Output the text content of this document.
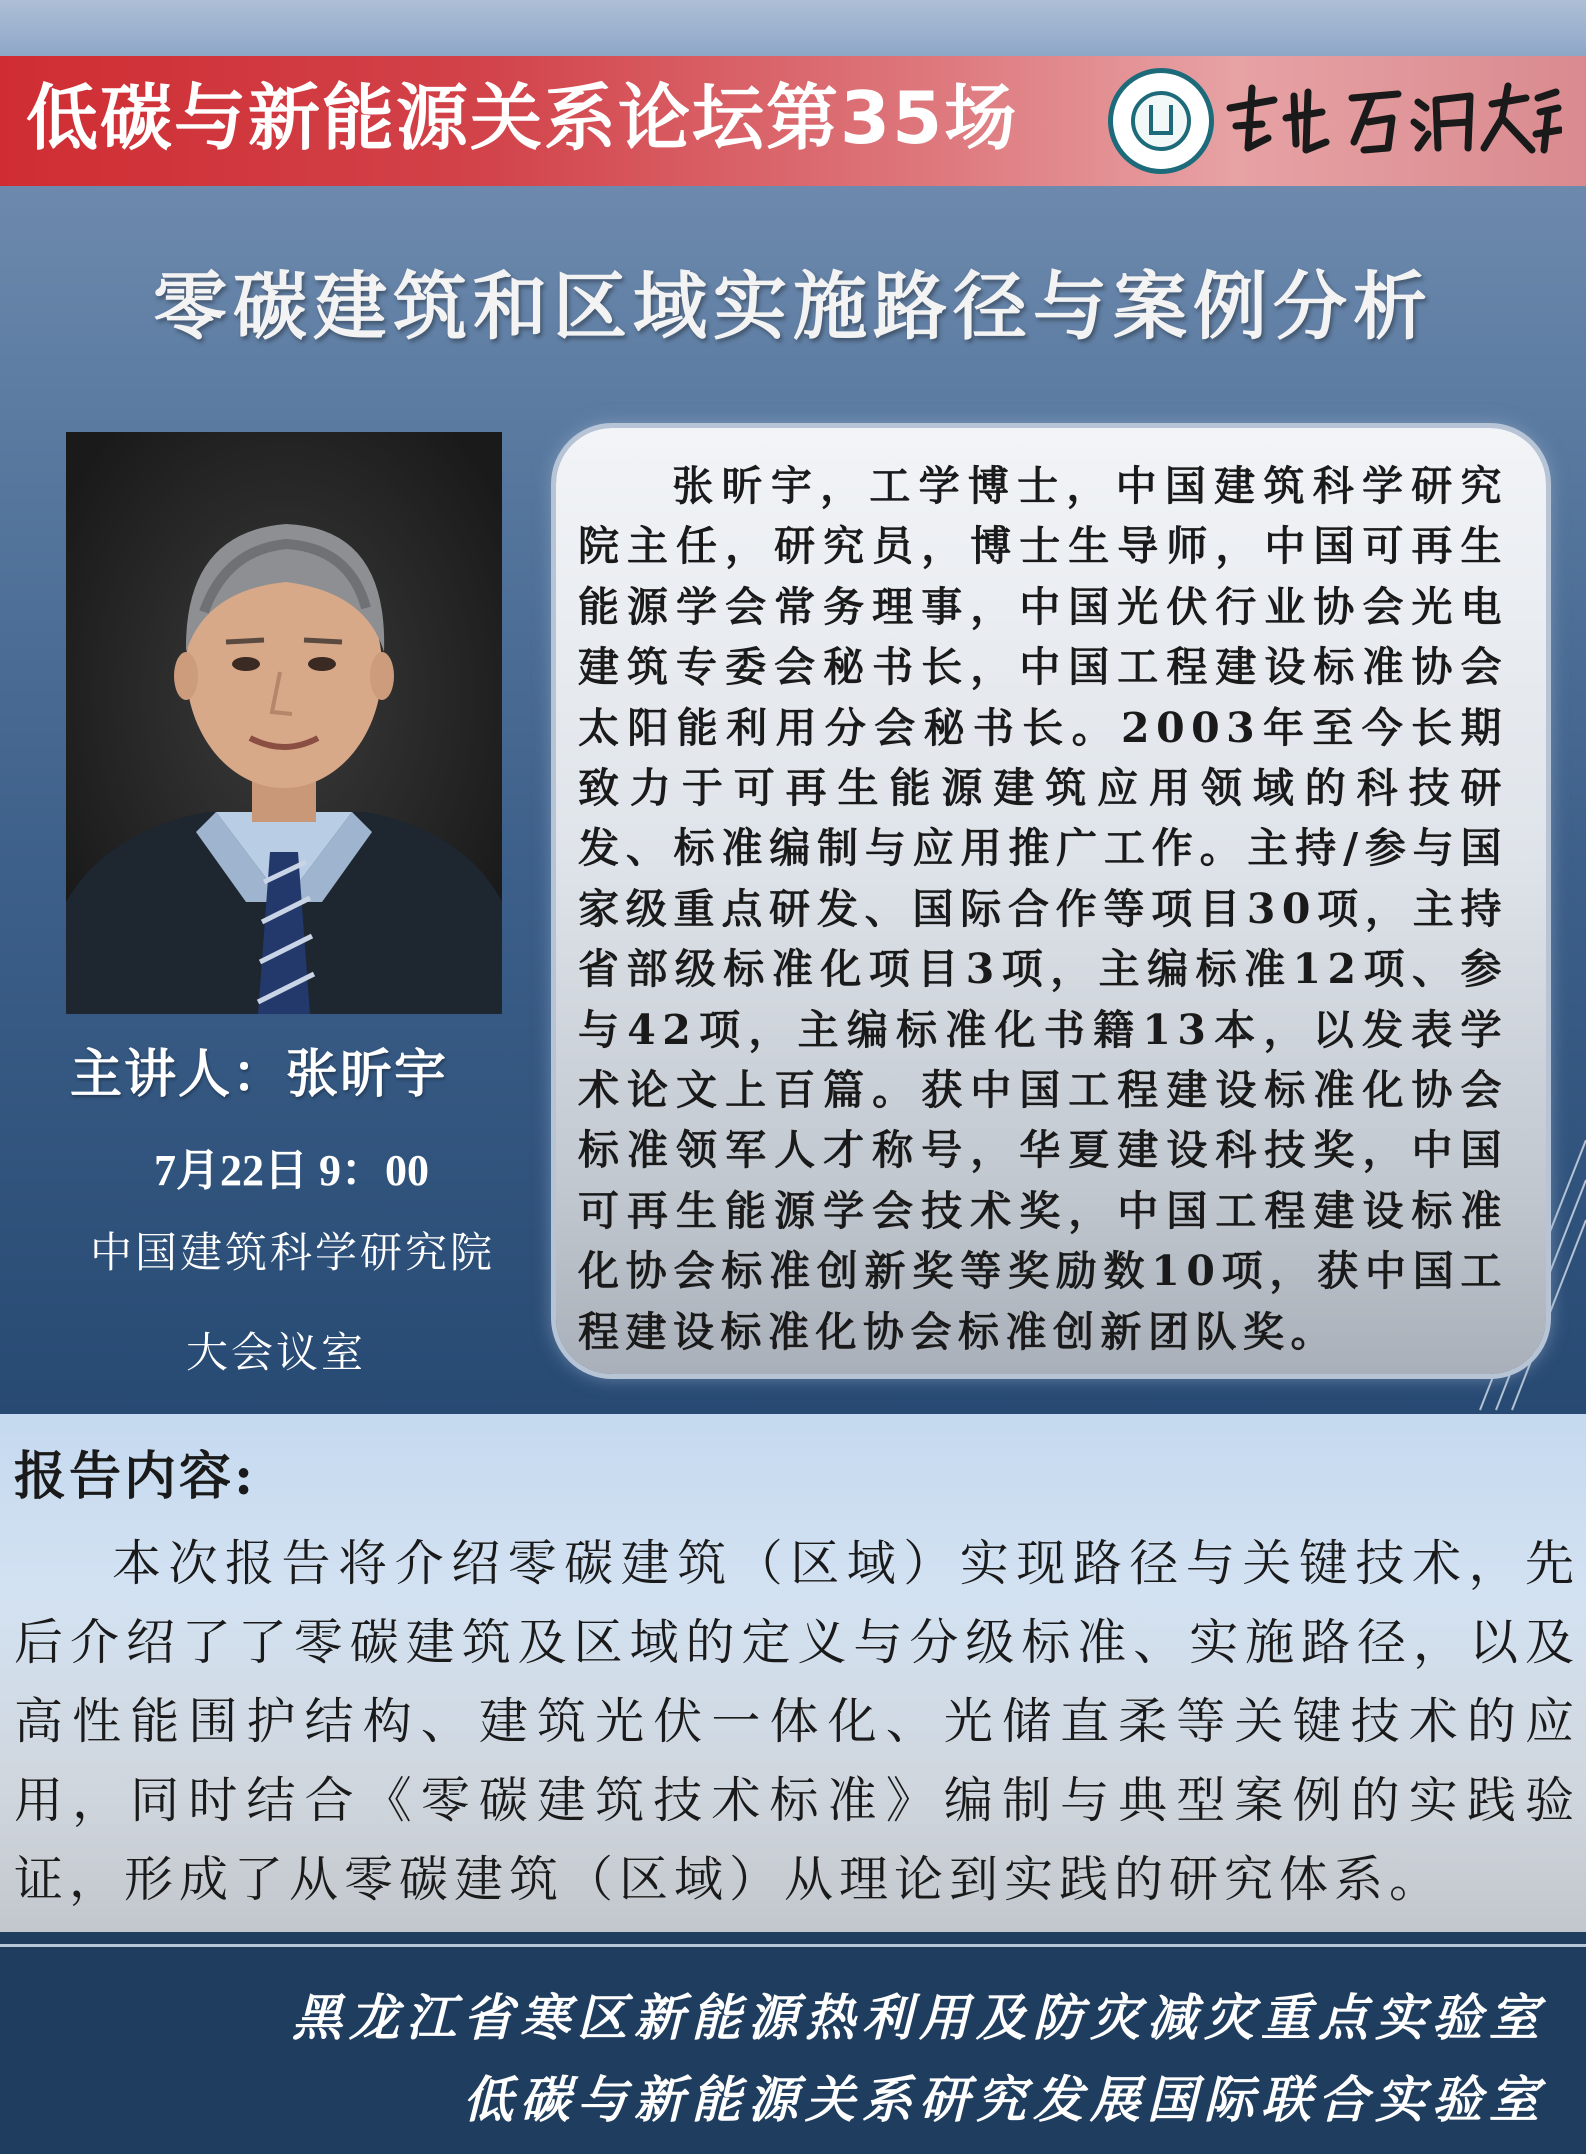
低碳与新能源关系论坛第35场
零碳建筑和区域实施路径与案例分析
主讲人：张昕宇
7月22日 9：00
中国建筑科学研究院
大会议室
张昕宇，工学博士，中国建筑科学研究院主任，研究员，博士生导师，中国可再生能源学会常务理事，中国光伏行业协会光电建筑专委会秘书长，中国工程建设标准协会太阳能利用分会秘书长。2003年至今长期致力于可再生能源建筑应用领域的科技研发、标准编制与应用推广工作。主持/参与国家级重点研发、国际合作等项目30项，主持省部级标准化项目3项，主编标准12项、参与42项，主编标准化书籍13本，以发表学术论文上百篇。获中国工程建设标准化协会标准领军人才称号，华夏建设科技奖，中国可再生能源学会技术奖，中国工程建设标准化协会标准创新奖等奖励数10项，获中国工程建设标准化协会标准创新团队奖。
报告内容:
本次报告将介绍零碳建筑（区域）实现路径与关键技术，先后介绍了了零碳建筑及区域的定义与分级标准、实施路径，以及高性能围护结构、建筑光伏一体化、光储直柔等关键技术的应用，同时结合《零碳建筑技术标准》编制与典型案例的实践验证，形成了从零碳建筑（区域）从理论到实践的研究体系。
黑龙江省寒区新能源热利用及防灾减灾重点实验室
低碳与新能源关系研究发展国际联合实验室
